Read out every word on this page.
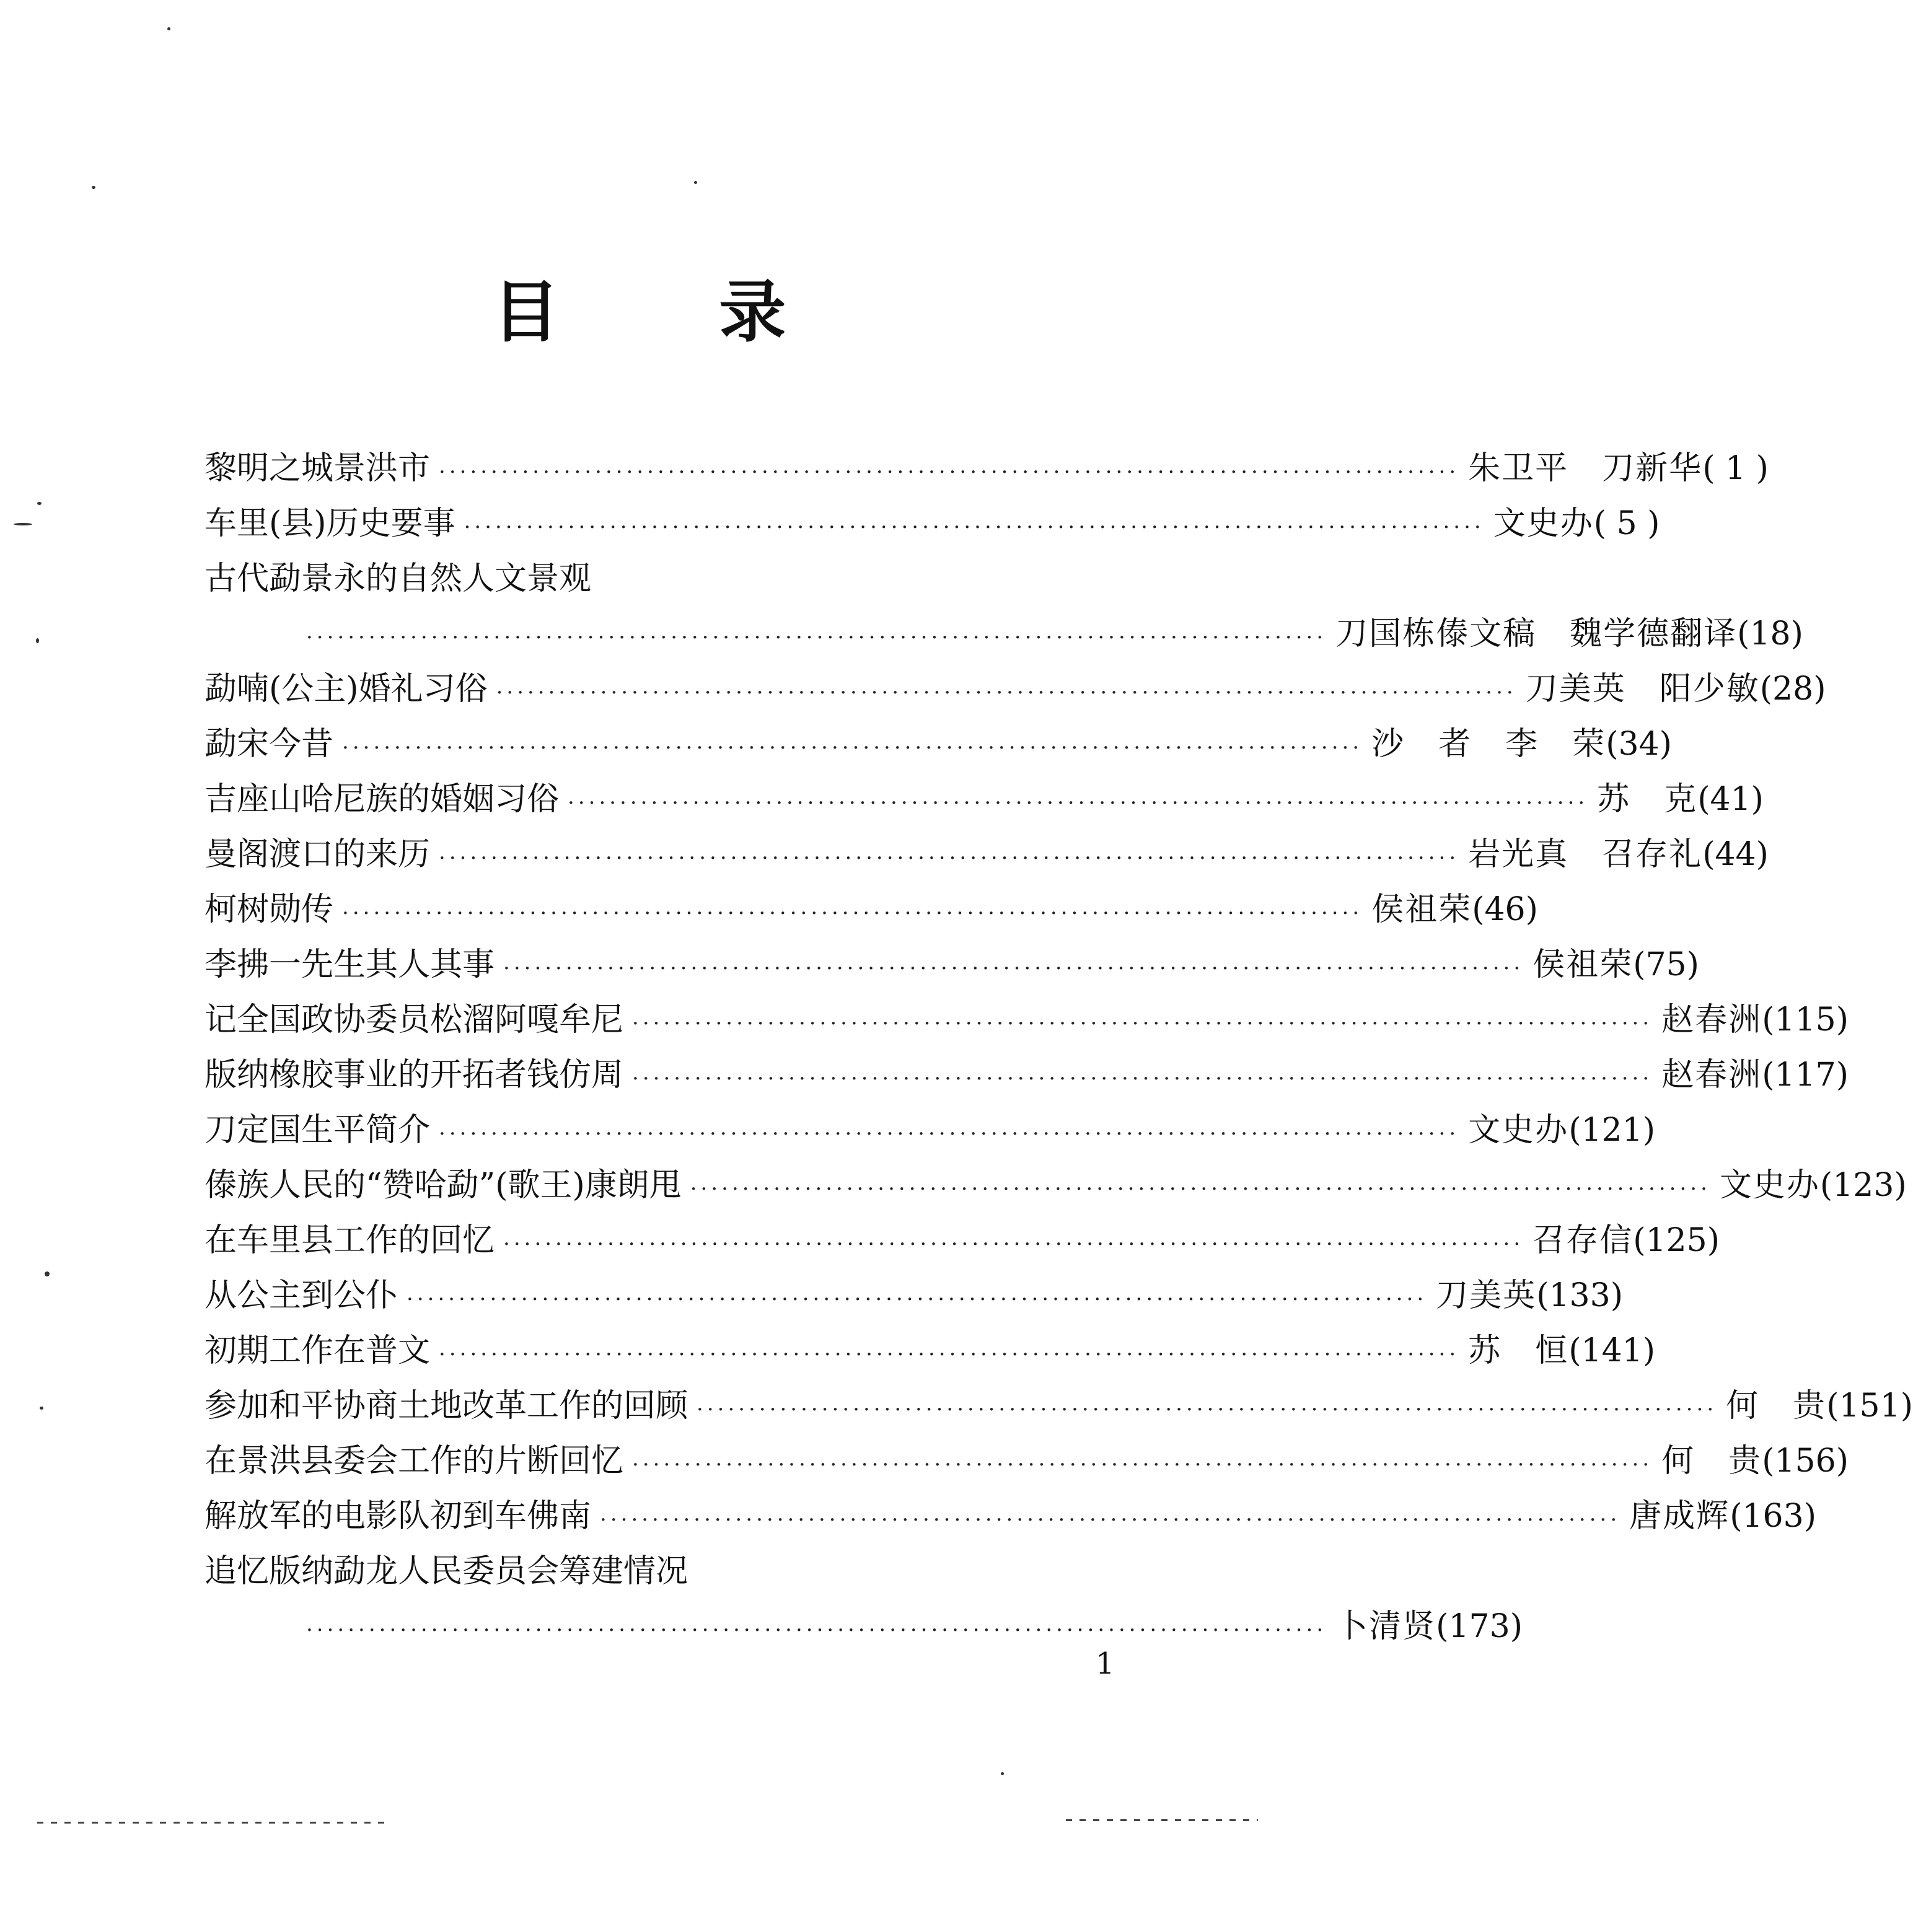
目 录
黎明之城景洪市 ·································································································· 朱卫平　刀新华 ( 1 )
车里(县)历史要事 ·································································································· 文史办 ( 5 )
古代勐景永的自然人文景观
·································································································· 刀国栋傣文稿　魏学德翻译 (18)
勐喃(公主)婚礼习俗 ·································································································· 刀美英　阳少敏 (28)
勐宋今昔 ·································································································· 沙　者　李　荣 (34)
吉座山哈尼族的婚姻习俗 ·································································································· 苏　克 (41)
曼阁渡口的来历 ·································································································· 岩光真　召存礼 (44)
柯树勋传 ·································································································· 侯祖荣 (46)
李拂一先生其人其事 ·································································································· 侯祖荣 (75)
记全国政协委员松溜阿嘎牟尼 ·································································································· 赵春洲 (115)
版纳橡胶事业的开拓者钱仿周 ·································································································· 赵春洲 (117)
刀定国生平简介 ·································································································· 文史办 (121)
傣族人民的“赞哈勐”(歌王)康朗甩 ·································································································· 文史办 (123)
在车里县工作的回忆 ·································································································· 召存信 (125)
从公主到公仆 ·································································································· 刀美英 (133)
初期工作在普文 ·································································································· 苏　恒 (141)
参加和平协商土地改革工作的回顾 ·································································································· 何　贵 (151)
在景洪县委会工作的片断回忆 ·································································································· 何　贵 (156)
解放军的电影队初到车佛南 ·································································································· 唐成辉 (163)
追忆版纳勐龙人民委员会筹建情况
·································································································· 卜清贤 (173)
1
